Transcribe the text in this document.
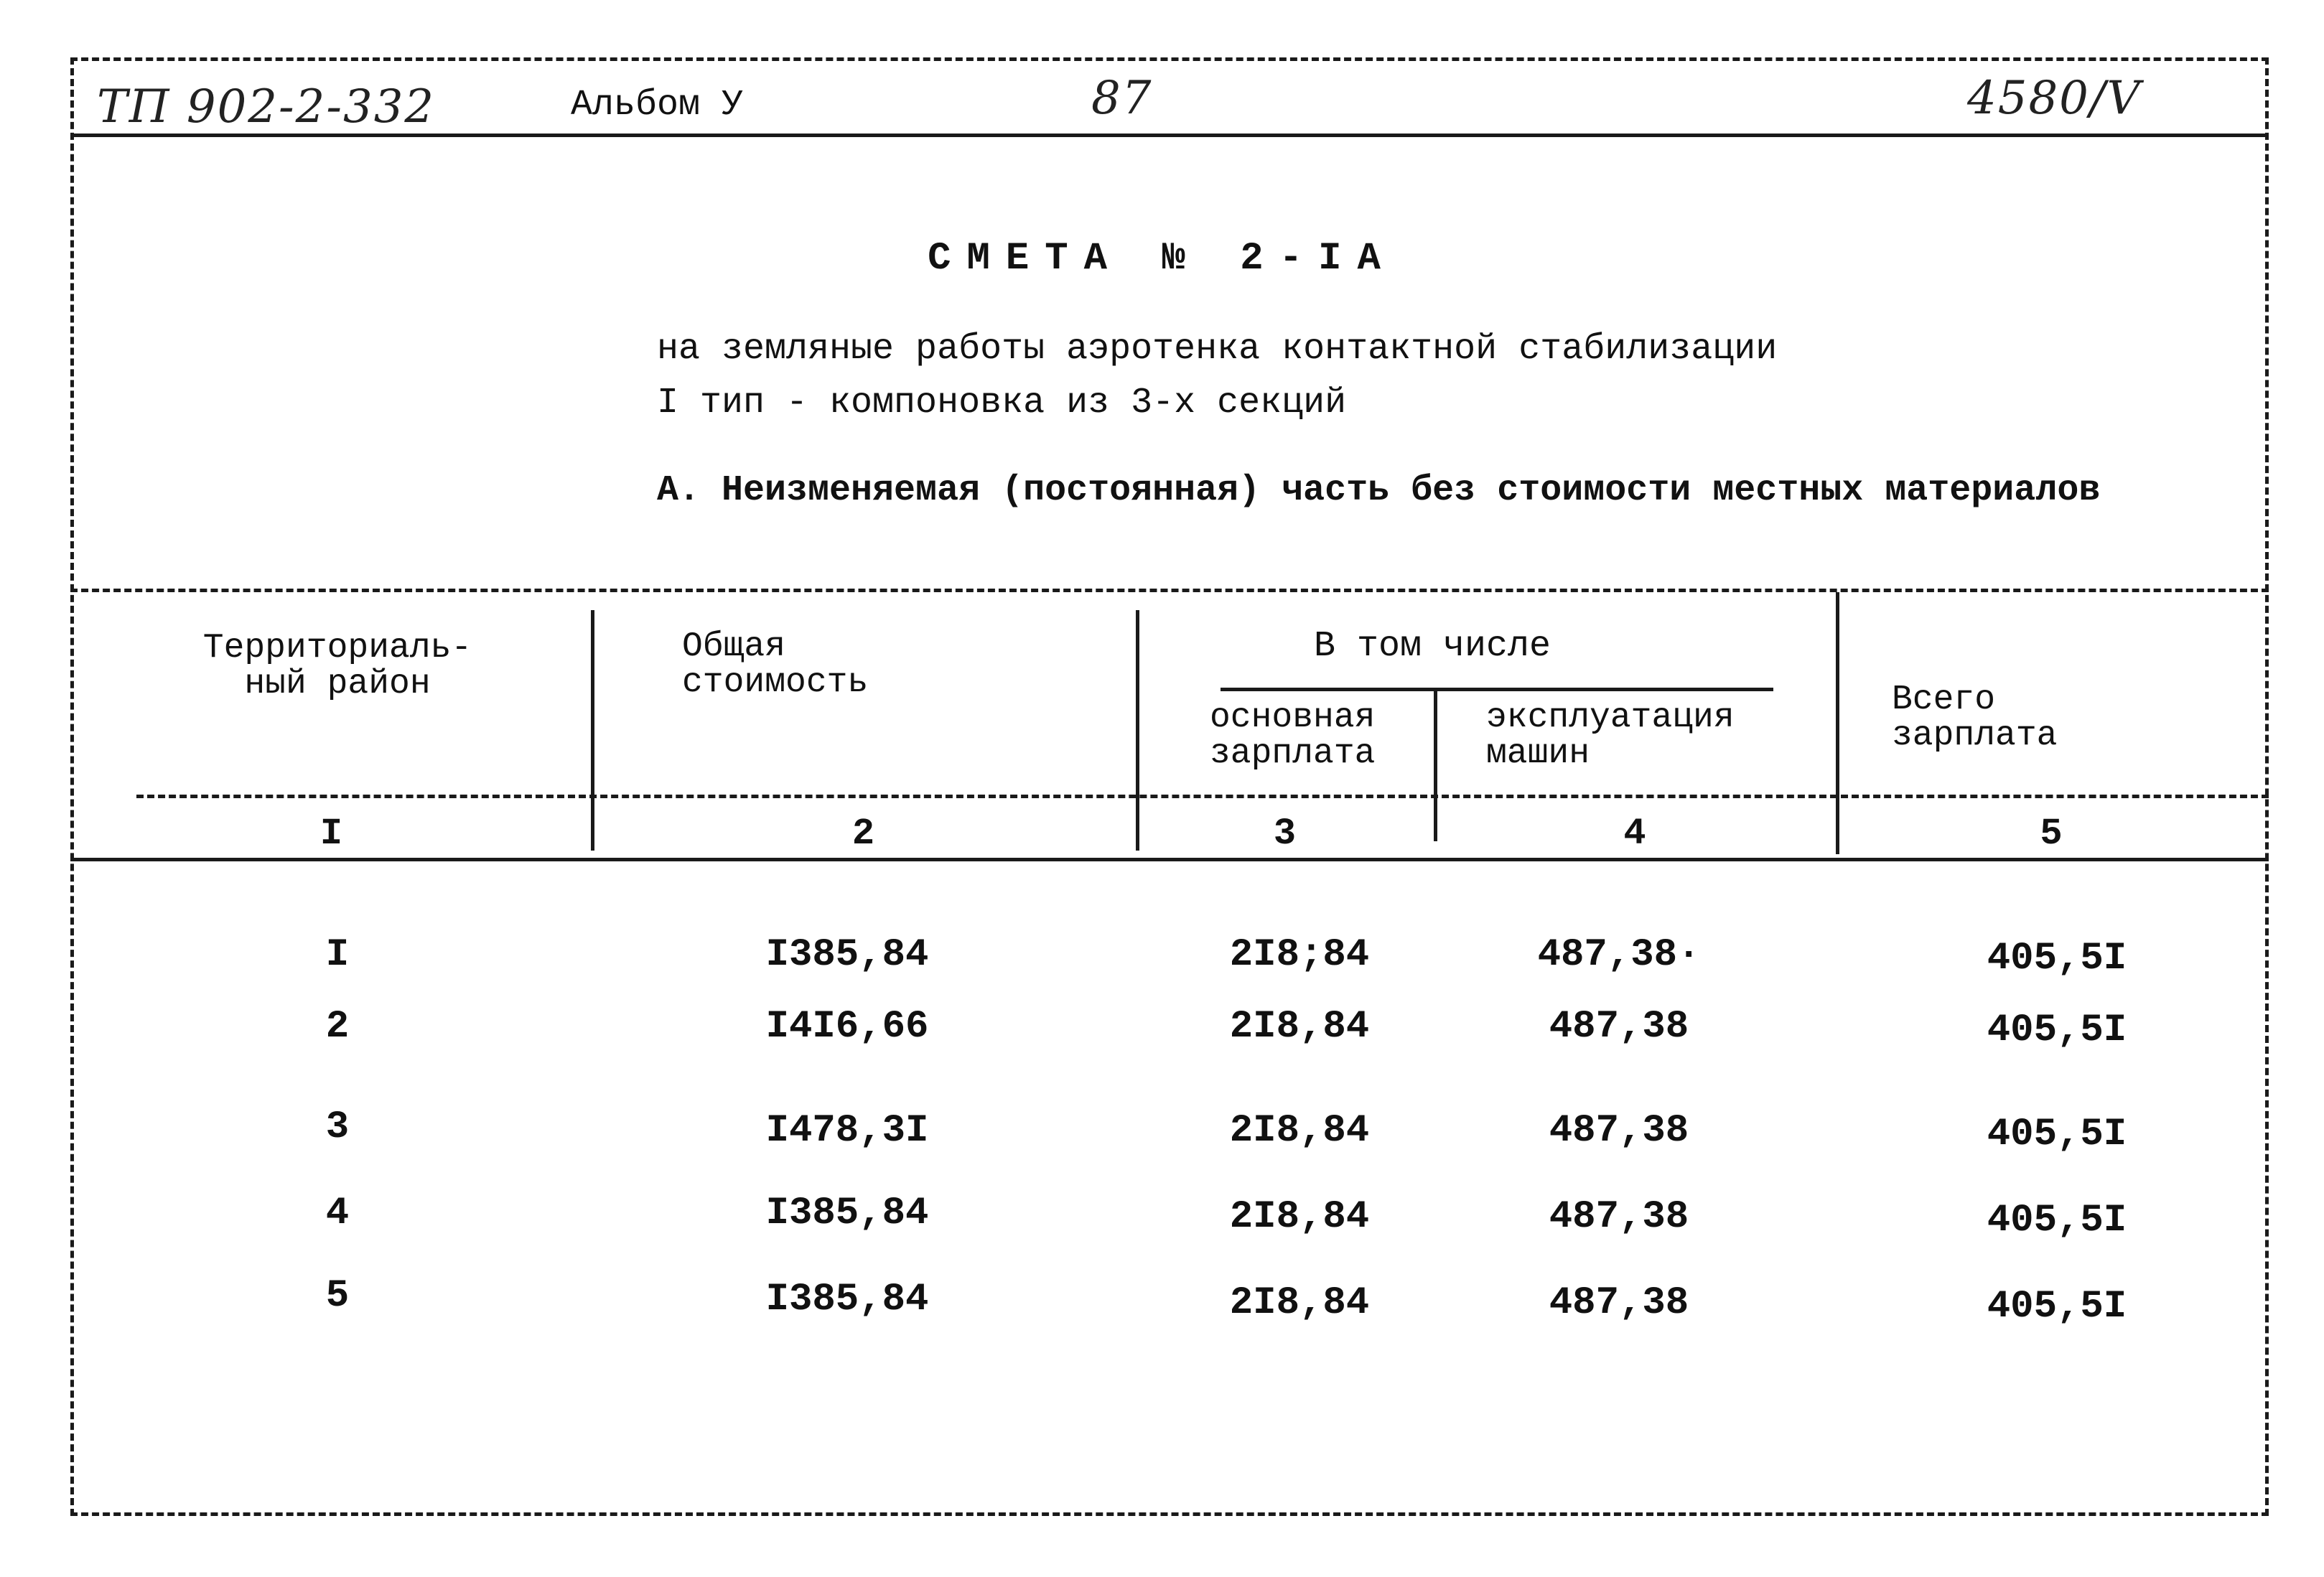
ТП 902-2-332	Альбом У	87	4580/V
СМЕТА № 2-IA
на земляные работы аэротенка контактной стабилизации
I тип - компоновка из 3-х секций
А. Неизменяемая (постоянная) часть без стоимости местных материалов
Территориаль-
ный район
Общая
стоимость
В том числе
основная
зарплата
эксплуатация
машин
Всего
зарплата
I	2	3	4	5
I	I385,84	2I8;84	487,38·	405,5I
2	I4I6,66	2I8,84	487,38	405,5I
3	I478,3I	2I8,84	487,38	405,5I
4	I385,84	2I8,84	487,38	405,5I
5	I385,84	2I8,84	487,38	405,5I
